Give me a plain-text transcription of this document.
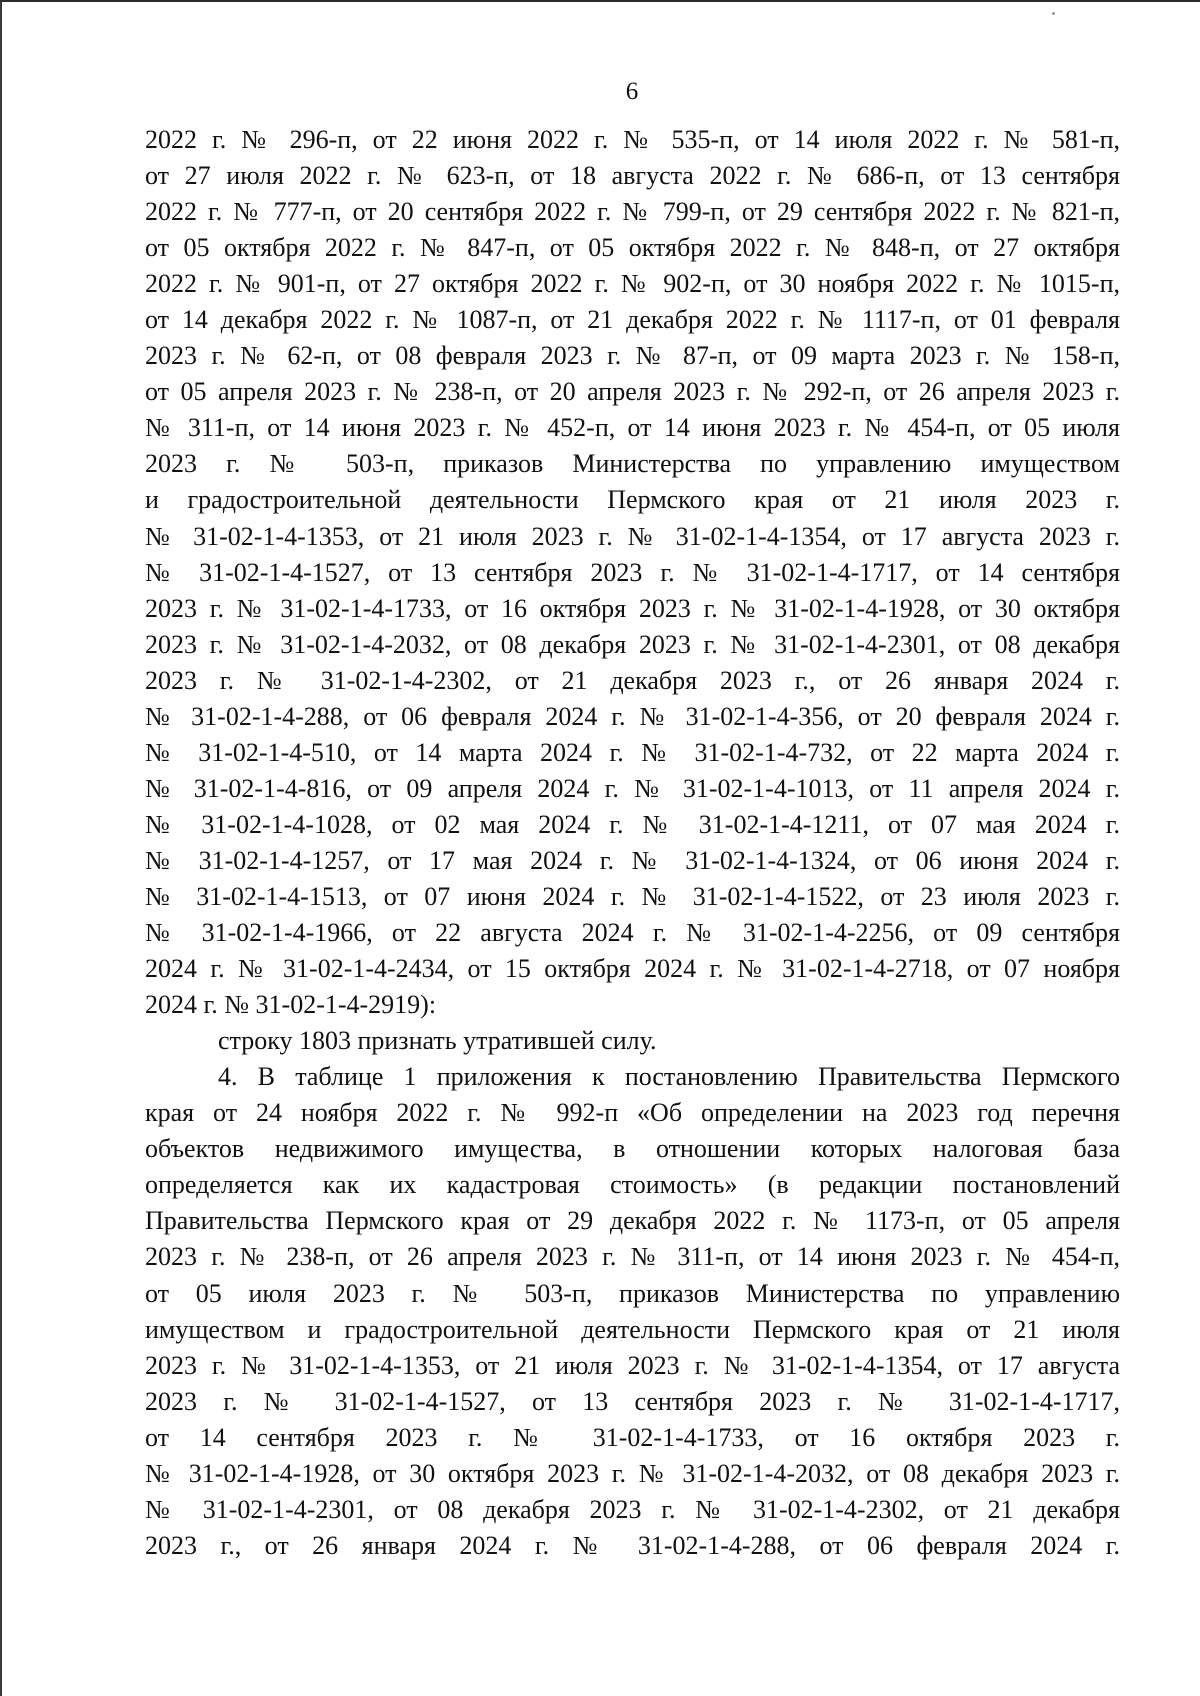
6
2022 г. № 296-п, от 22 июня 2022 г. № 535-п, от 14 июля 2022 г. № 581-п,
от 27 июля 2022 г. № 623-п, от 18 августа 2022 г. № 686-п, от 13 сентября
2022 г. № 777-п, от 20 сентября 2022 г. № 799-п, от 29 сентября 2022 г. № 821-п,
от 05 октября 2022 г. № 847-п, от 05 октября 2022 г. № 848-п, от 27 октября
2022 г. № 901-п, от 27 октября 2022 г. № 902-п, от 30 ноября 2022 г. № 1015-п,
от 14 декабря 2022 г. № 1087-п, от 21 декабря 2022 г. № 1117-п, от 01 февраля
2023 г. № 62-п, от 08 февраля 2023 г. № 87-п, от 09 марта 2023 г. № 158-п,
от 05 апреля 2023 г. № 238-п, от 20 апреля 2023 г. № 292-п, от 26 апреля 2023 г.
№ 311-п, от 14 июня 2023 г. № 452-п, от 14 июня 2023 г. № 454-п, от 05 июля
2023 г. № 503-п, приказов Министерства по управлению имуществом
и градостроительной деятельности Пермского края от 21 июля 2023 г.
№ 31-02-1-4-1353, от 21 июля 2023 г. № 31-02-1-4-1354, от 17 августа 2023 г.
№ 31-02-1-4-1527, от 13 сентября 2023 г. № 31-02-1-4-1717, от 14 сентября
2023 г. № 31-02-1-4-1733, от 16 октября 2023 г. № 31-02-1-4-1928, от 30 октября
2023 г. № 31-02-1-4-2032, от 08 декабря 2023 г. № 31-02-1-4-2301, от 08 декабря
2023 г. № 31-02-1-4-2302, от 21 декабря 2023 г., от 26 января 2024 г.
№ 31-02-1-4-288, от 06 февраля 2024 г. № 31-02-1-4-356, от 20 февраля 2024 г.
№ 31-02-1-4-510, от 14 марта 2024 г. № 31-02-1-4-732, от 22 марта 2024 г.
№ 31-02-1-4-816, от 09 апреля 2024 г. № 31-02-1-4-1013, от 11 апреля 2024 г.
№ 31-02-1-4-1028, от 02 мая 2024 г. № 31-02-1-4-1211, от 07 мая 2024 г.
№ 31-02-1-4-1257, от 17 мая 2024 г. № 31-02-1-4-1324, от 06 июня 2024 г.
№ 31-02-1-4-1513, от 07 июня 2024 г. № 31-02-1-4-1522, от 23 июля 2023 г.
№ 31-02-1-4-1966, от 22 августа 2024 г. № 31-02-1-4-2256, от 09 сентября
2024 г. № 31-02-1-4-2434, от 15 октября 2024 г. № 31-02-1-4-2718, от 07 ноября
2024 г. № 31-02-1-4-2919):
строку 1803 признать утратившей силу.
4. В таблице 1 приложения к постановлению Правительства Пермского
края от 24 ноября 2022 г. № 992-п «Об определении на 2023 год перечня
объектов недвижимого имущества, в отношении которых налоговая база
определяется как их кадастровая стоимость» (в редакции постановлений
Правительства Пермского края от 29 декабря 2022 г. № 1173-п, от 05 апреля
2023 г. № 238-п, от 26 апреля 2023 г. № 311-п, от 14 июня 2023 г. № 454-п,
от 05 июля 2023 г. № 503-п, приказов Министерства по управлению
имуществом и градостроительной деятельности Пермского края от 21 июля
2023 г. № 31-02-1-4-1353, от 21 июля 2023 г. № 31-02-1-4-1354, от 17 августа
2023 г. № 31-02-1-4-1527, от 13 сентября 2023 г. № 31-02-1-4-1717,
от 14 сентября 2023 г. № 31-02-1-4-1733, от 16 октября 2023 г.
№ 31-02-1-4-1928, от 30 октября 2023 г. № 31-02-1-4-2032, от 08 декабря 2023 г.
№ 31-02-1-4-2301, от 08 декабря 2023 г. № 31-02-1-4-2302, от 21 декабря
2023 г., от 26 января 2024 г. № 31-02-1-4-288, от 06 февраля 2024 г.
